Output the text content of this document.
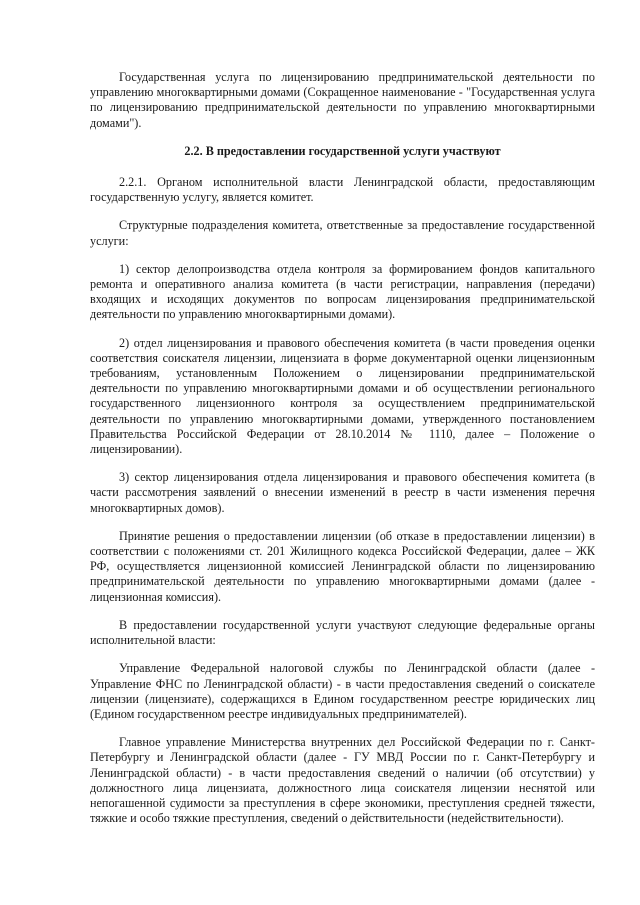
Государственная услуга по лицензированию предпринимательской деятельности по управлению многоквартирными домами (Сокращенное наименование - "Государственная услуга по лицензированию предпринимательской деятельности по управлению многоквартирными домами").

2.2. В предоставлении государственной услуги участвуют

2.2.1. Органом исполнительной власти Ленинградской области, предоставляющим государственную услугу, является комитет.

Структурные подразделения комитета, ответственные за предоставление государственной услуги:

1) сектор делопроизводства отдела контроля за формированием фондов капитального ремонта и оперативного анализа комитета (в части регистрации, направления (передачи) входящих и исходящих документов по вопросам лицензирования предпринимательской деятельности по управлению многоквартирными домами).

2) отдел лицензирования и правового обеспечения комитета (в части проведения оценки соответствия соискателя лицензии, лицензиата в форме документарной оценки лицензионным требованиям, установленным Положением о лицензировании предпринимательской деятельности по управлению многоквартирными домами и об осуществлении регионального государственного лицензионного контроля за осуществлением предпринимательской деятельности по управлению многоквартирными домами, утвержденного постановлением Правительства Российской Федерации от 28.10.2014 № 1110, далее – Положение о лицензировании).

3) сектор лицензирования отдела лицензирования и правового обеспечения комитета (в части рассмотрения заявлений о внесении изменений в реестр в части изменения перечня многоквартирных домов).

Принятие решения о предоставлении лицензии (об отказе в предоставлении лицензии) в соответствии с положениями ст. 201 Жилищного кодекса Российской Федерации, далее – ЖК РФ, осуществляется лицензионной комиссией Ленинградской области по лицензированию предпринимательской деятельности по управлению многоквартирными домами (далее - лицензионная комиссия).

В предоставлении государственной услуги участвуют следующие федеральные органы исполнительной власти:

Управление Федеральной налоговой службы по Ленинградской области (далее - Управление ФНС по Ленинградской области) - в части предоставления сведений о соискателе лицензии (лицензиате), содержащихся в Едином государственном реестре юридических лиц (Едином государственном реестре индивидуальных предпринимателей).

Главное управление Министерства внутренних дел Российской Федерации по г. Санкт-Петербургу и Ленинградской области (далее - ГУ МВД России по г. Санкт-Петербургу и Ленинградской области) - в части предоставления сведений о наличии (об отсутствии) у должностного лица лицензиата, должностного лица соискателя лицензии неснятой или непогашенной судимости за преступления в сфере экономики, преступления средней тяжести, тяжкие и особо тяжкие преступления, сведений о действительности (недействительности).
